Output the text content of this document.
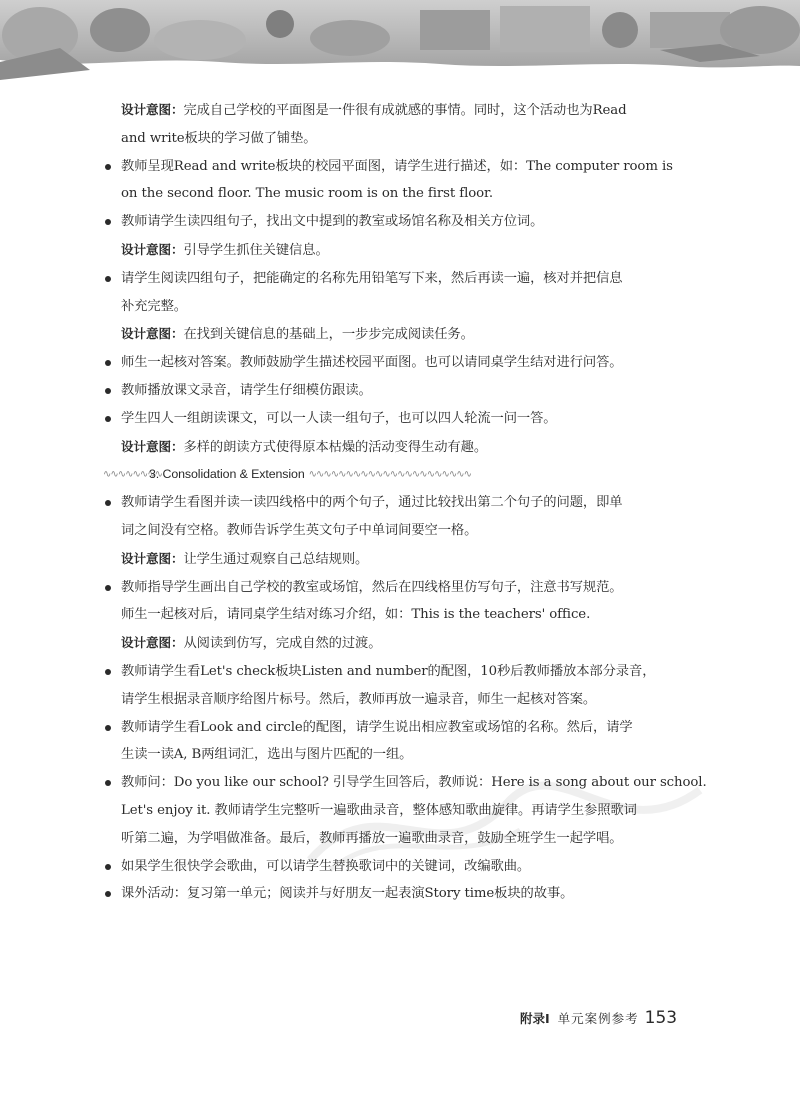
设计意图：完成自己学校的平面图是一件很有成就感的事情。同时，这个活动也为Read
and write板块的学习做了铺垫。
教师呈现Read and write板块的校园平面图，请学生进行描述，如：The computer room is
on the second floor. The music room is on the first floor.
教师请学生读四组句子，找出文中提到的教室或场馆名称及相关方位词。
设计意图：引导学生抓住关键信息。
请学生阅读四组句子，把能确定的名称先用铅笔写下来，然后再读一遍，核对并把信息
补充完整。
设计意图：在找到关键信息的基础上，一步步完成阅读任务。
师生一起核对答案。教师鼓励学生描述校园平面图。也可以请同桌学生结对进行问答。
教师播放课文录音，请学生仔细模仿跟读。
学生四人一组朗读课文，可以一人读一组句子，也可以四人轮流一问一答。
设计意图：多样的朗读方式使得原本枯燥的活动变得生动有趣。
∿∿∿∿∿∿∿∿
3. Consolidation & Extension ∿∿∿∿∿∿∿∿∿∿∿∿∿∿∿∿∿∿∿∿∿∿
教师请学生看图并读一读四线格中的两个句子，通过比较找出第二个句子的问题，即单
词之间没有空格。教师告诉学生英文句子中单词间要空一格。
设计意图：让学生通过观察自己总结规则。
教师指导学生画出自己学校的教室或场馆，然后在四线格里仿写句子，注意书写规范。
师生一起核对后，请同桌学生结对练习介绍，如：This is the teachers' office.
设计意图：从阅读到仿写，完成自然的过渡。
教师请学生看Let's check板块Listen and number的配图，10秒后教师播放本部分录音，
请学生根据录音顺序给图片标号。然后，教师再放一遍录音，师生一起核对答案。
教师请学生看Look and circle的配图，请学生说出相应教室或场馆的名称。然后，请学
生读一读A, B两组词汇，选出与图片匹配的一组。
教师问：Do you like our school? 引导学生回答后，教师说：Here is a song about our school.
Let's enjoy it. 教师请学生完整听一遍歌曲录音，整体感知歌曲旋律。再请学生参照歌词
听第二遍，为学唱做准备。最后，教师再播放一遍歌曲录音，鼓励全班学生一起学唱。
如果学生很快学会歌曲，可以请学生替换歌词中的关键词，改编歌曲。
课外活动：复习第一单元；阅读并与好朋友一起表演Story time板块的故事。
附录Ⅰ
单元案例参考 153
